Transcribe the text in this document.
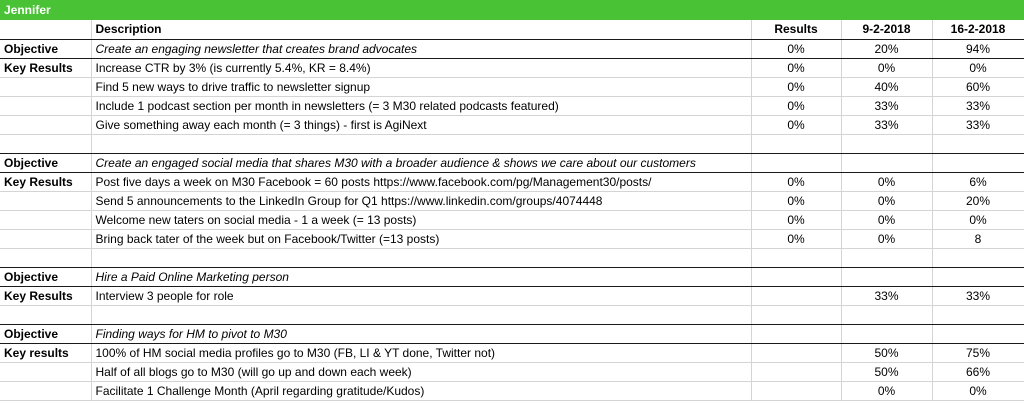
Jennifer
	Description	Results	9-2-2018	16-2-2018
Objective	Create an engaging newsletter that creates brand advocates	0%	20%	94%
Key Results	Increase CTR by 3% (is currently 5.4%, KR = 8.4%)	0%	0%	0%
	Find 5 new ways to drive traffic to newsletter signup	0%	40%	60%
	Include 1 podcast section per month in newsletters (= 3 M30 related podcasts featured)	0%	33%	33%
	Give something away each month (= 3 things) - first is AgiNext	0%	33%	33%

Objective	Create an engaged social media that shares M30 with a broader audience & shows we care about our customers			
Key Results	Post five days a week on M30 Facebook = 60 posts https://www.facebook.com/pg/Management30/posts/	0%	0%	6%
	Send 5 announcements to the LinkedIn Group for Q1 https://www.linkedin.com/groups/4074448	0%	0%	20%
	Welcome new taters on social media - 1 a week (= 13 posts)	0%	0%	0%
	Bring back tater of the week but on Facebook/Twitter (=13 posts)	0%	0%	8

Objective	Hire a Paid Online Marketing person			
Key Results	Interview 3 people for role		33%	33%

Objective	Finding ways for HM to pivot to M30			
Key results	100% of HM social media profiles go to M30 (FB, LI & YT done, Twitter not)		50%	75%
	Half of all blogs go to M30 (will go up and down each week)		50%	66%
	Facilitate 1 Challenge Month (April regarding gratitude/Kudos)		0%	0%
